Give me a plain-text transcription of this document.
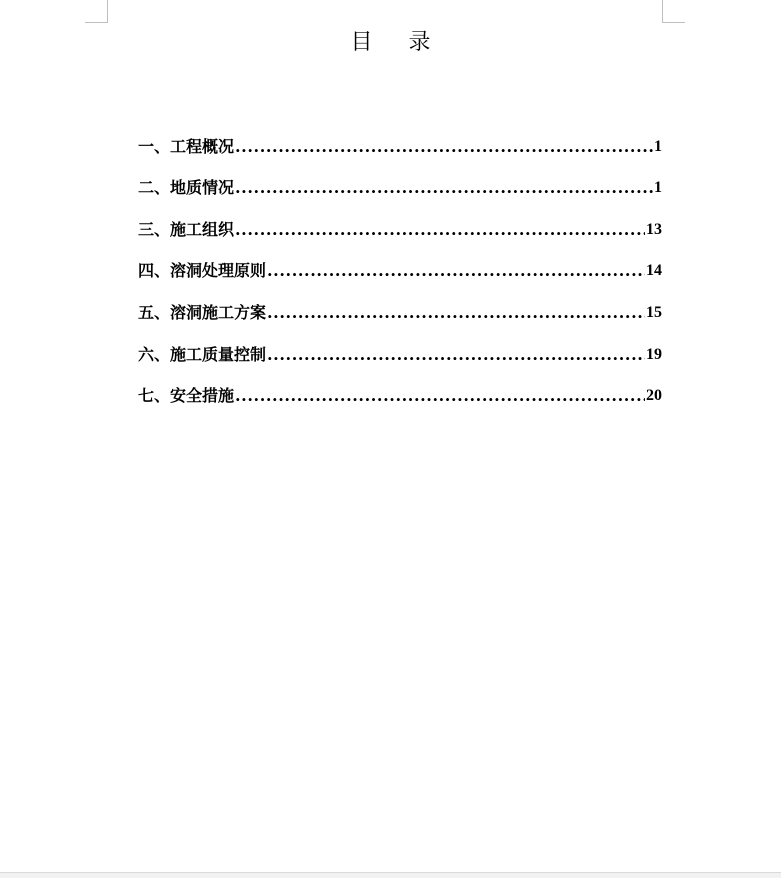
目录
一、工程概况 .....	1
二、地质情况 .....	1
三、施工组织 .....	13
四、溶洞处理原则 .....	14
五、溶洞施工方案 .....	15
六、施工质量控制 .....	19
七、安全措施 .....	20
